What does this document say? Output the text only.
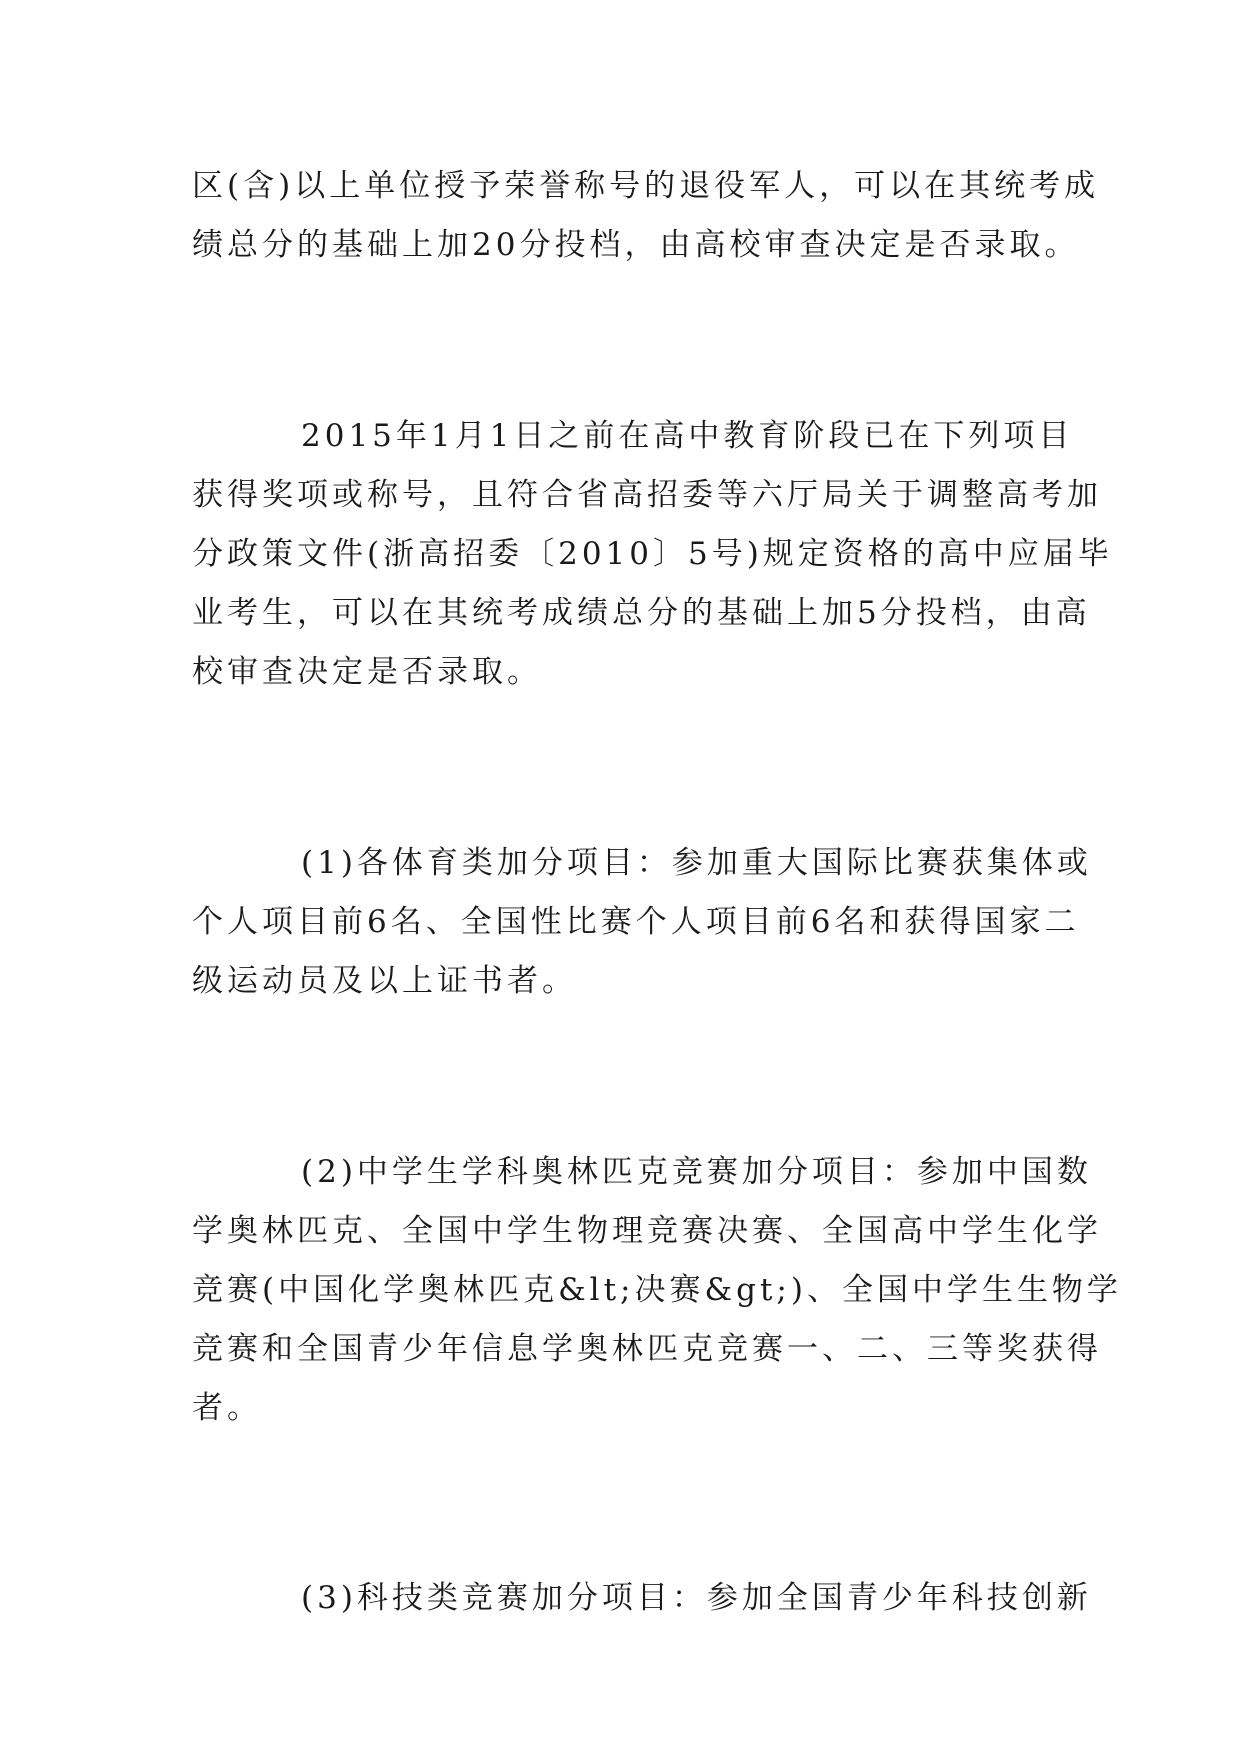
区(含)以上单位授予荣誉称号的退役军人，可以在其统考成
绩总分的基础上加20分投档，由高校审查决定是否录取。
2015年1月1日之前在高中教育阶段已在下列项目
获得奖项或称号，且符合省高招委等六厅局关于调整高考加
分政策文件(浙高招委〔2010〕5号)规定资格的高中应届毕
业考生，可以在其统考成绩总分的基础上加5分投档，由高
校审查决定是否录取。
(1)各体育类加分项目：参加重大国际比赛获集体或
个人项目前6名、全国性比赛个人项目前6名和获得国家二
级运动员及以上证书者。
(2)中学生学科奥林匹克竞赛加分项目：参加中国数
学奥林匹克、全国中学生物理竞赛决赛、全国高中学生化学
竞赛(中国化学奥林匹克&lt;决赛&gt;)、全国中学生生物学
竞赛和全国青少年信息学奥林匹克竞赛一、二、三等奖获得
者。
(3)科技类竞赛加分项目：参加全国青少年科技创新
